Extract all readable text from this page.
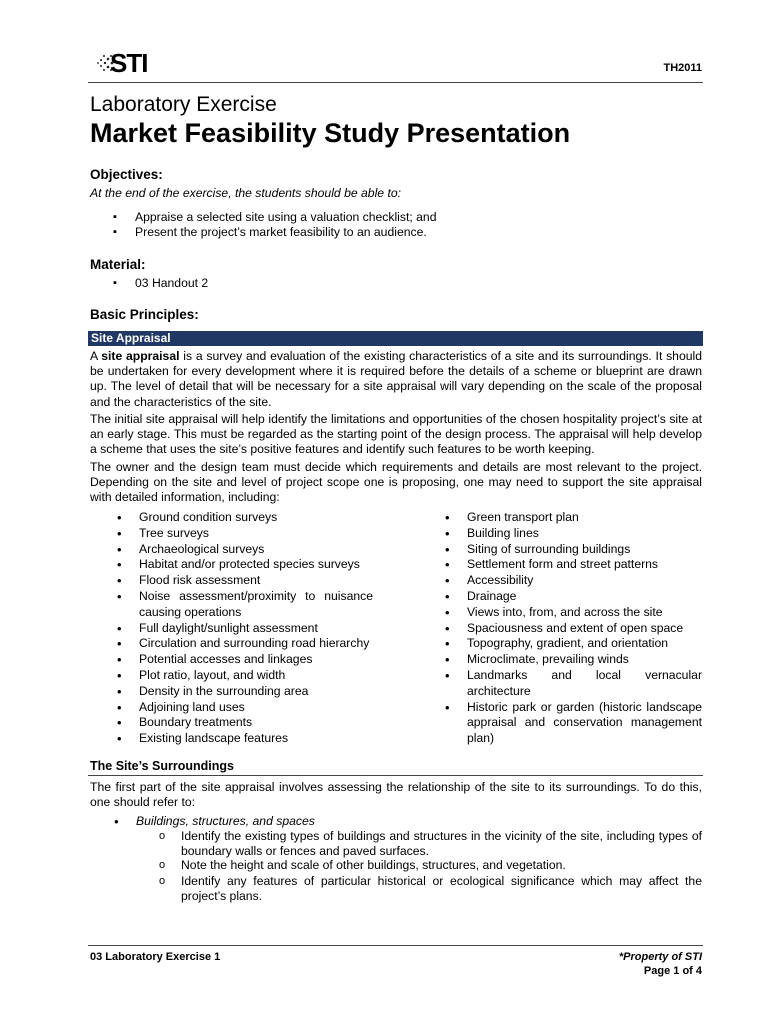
STI	TH2011
Laboratory Exercise
Market Feasibility Study Presentation
Objectives:
At the end of the exercise, the students should be able to:
▪ Appraise a selected site using a valuation checklist; and
▪ Present the project’s market feasibility to an audience.
Material:
▪ 03 Handout 2
Basic Principles:
Site Appraisal
A site appraisal is a survey and evaluation of the existing characteristics of a site and its surroundings. It should be undertaken for every development where it is required before the details of a scheme or blueprint are drawn up. The level of detail that will be necessary for a site appraisal will vary depending on the scale of the proposal and the characteristics of the site.
The initial site appraisal will help identify the limitations and opportunities of the chosen hospitality project’s site at an early stage. This must be regarded as the starting point of the design process. The appraisal will help develop a scheme that uses the site’s positive features and identify such features to be worth keeping.
The owner and the design team must decide which requirements and details are most relevant to the project. Depending on the site and level of project scope one is proposing, one may need to support the site appraisal with detailed information, including:
• Ground condition surveys
• Tree surveys
• Archaeological surveys
• Habitat and/or protected species surveys
• Flood risk assessment
• Noise assessment/proximity to nuisance causing operations
• Full daylight/sunlight assessment
• Circulation and surrounding road hierarchy
• Potential accesses and linkages
• Plot ratio, layout, and width
• Density in the surrounding area
• Adjoining land uses
• Boundary treatments
• Existing landscape features
• Green transport plan
• Building lines
• Siting of surrounding buildings
• Settlement form and street patterns
• Accessibility
• Drainage
• Views into, from, and across the site
• Spaciousness and extent of open space
• Topography, gradient, and orientation
• Microclimate, prevailing winds
• Landmarks and local vernacular architecture
• Historic park or garden (historic landscape appraisal and conservation management plan)
The Site’s Surroundings
The first part of the site appraisal involves assessing the relationship of the site to its surroundings. To do this, one should refer to:
• Buildings, structures, and spaces
o Identify the existing types of buildings and structures in the vicinity of the site, including types of boundary walls or fences and paved surfaces.
o Note the height and scale of other buildings, structures, and vegetation.
o Identify any features of particular historical or ecological significance which may affect the project’s plans.
03 Laboratory Exercise 1	*Property of STI
Page 1 of 4
